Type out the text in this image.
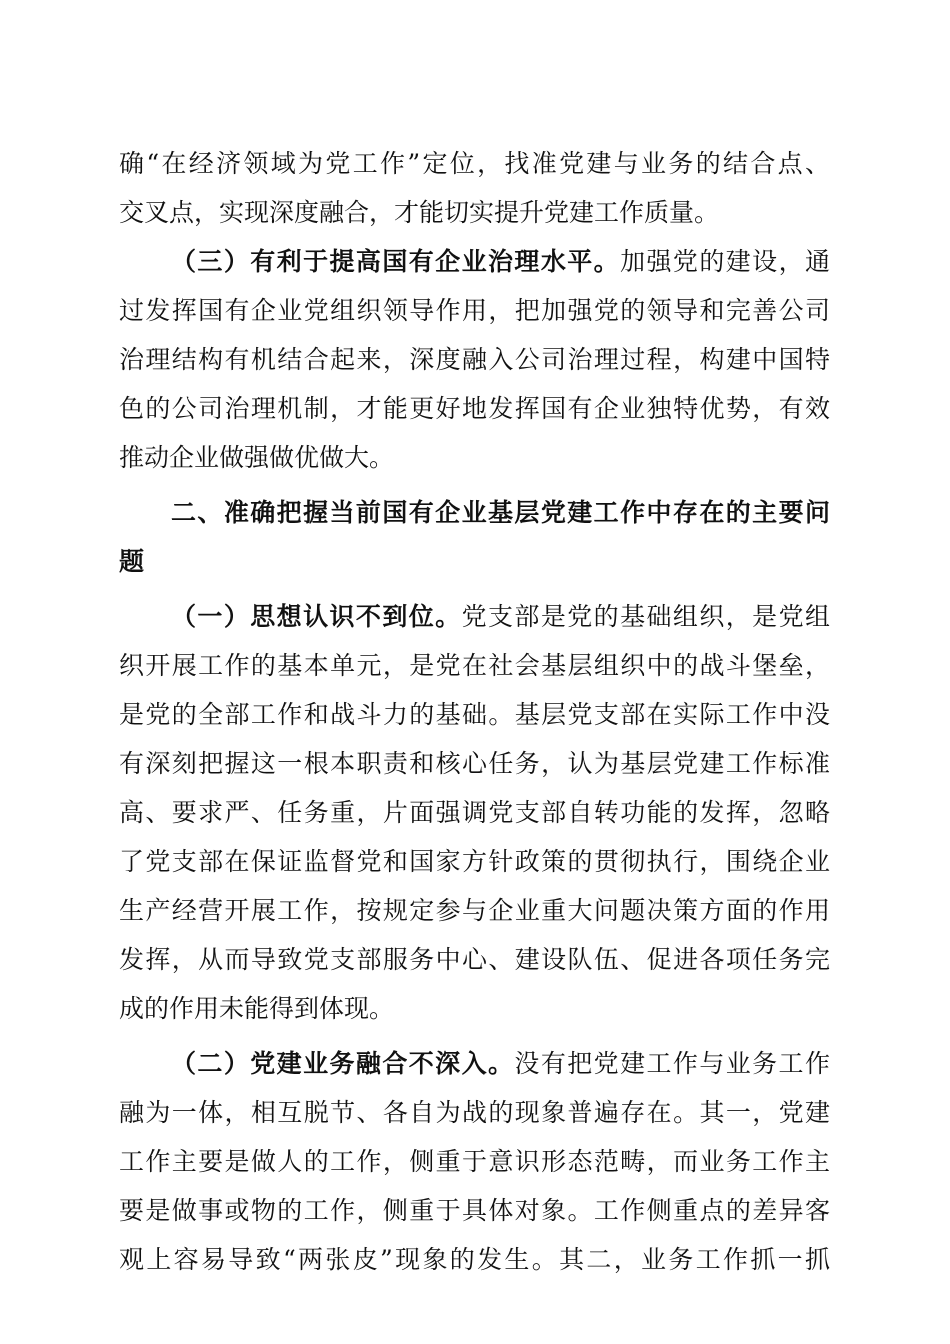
确“在经济领域为党工作”定位，找准党建与业务的结合点、
交叉点，实现深度融合，才能切实提升党建工作质量。
（三）有利于提高国有企业治理水平。加强党的建设，通
过发挥国有企业党组织领导作用，把加强党的领导和完善公司
治理结构有机结合起来，深度融入公司治理过程，构建中国特
色的公司治理机制，才能更好地发挥国有企业独特优势，有效
推动企业做强做优做大。
二、准确把握当前国有企业基层党建工作中存在的主要问
题
（一）思想认识不到位。党支部是党的基础组织，是党组
织开展工作的基本单元，是党在社会基层组织中的战斗堡垒，
是党的全部工作和战斗力的基础。基层党支部在实际工作中没
有深刻把握这一根本职责和核心任务，认为基层党建工作标准
高、要求严、任务重，片面强调党支部自转功能的发挥，忽略
了党支部在保证监督党和国家方针政策的贯彻执行，围绕企业
生产经营开展工作，按规定参与企业重大问题决策方面的作用
发挥，从而导致党支部服务中心、建设队伍、促进各项任务完
成的作用未能得到体现。
（二）党建业务融合不深入。没有把党建工作与业务工作
融为一体，相互脱节、各自为战的现象普遍存在。其一，党建
工作主要是做人的工作，侧重于意识形态范畴，而业务工作主
要是做事或物的工作，侧重于具体对象。工作侧重点的差异客
观上容易导致“两张皮”现象的发生。其二，业务工作抓一抓
